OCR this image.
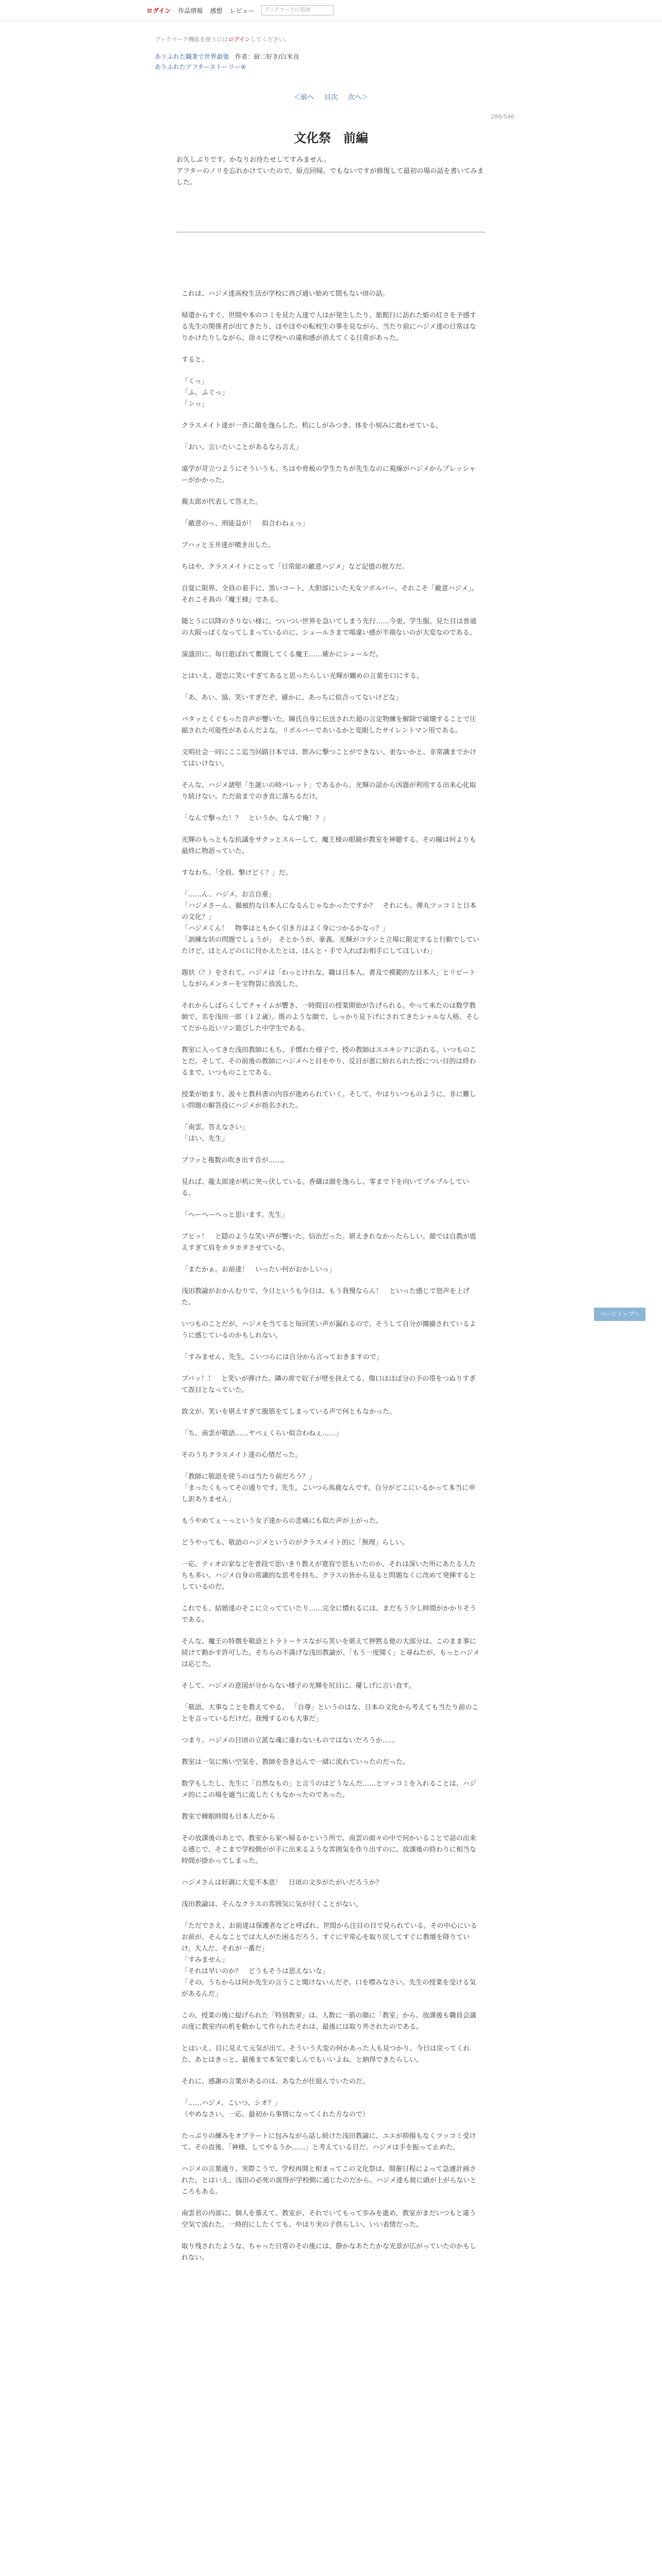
ログイン 作品情報 感想 レビュー	ブックマークに追加
ブックマーク機能を使うにはログインしてください。
あリふれた職業で世界最強　 作者：厨二好き/白米良
ありふれたアフターストーリー④
＜前へ 目次 次へ＞
286/546
文化祭　前編
お久しぶりです。かなりお待たせしてすみません。
アフターのノリを忘れかけていたので、原点回帰。でもないですが修復して最初の場の話を書いてみました。

これは、ハジメ達高校生活が学校に再び通い始めて間もない頃の話。

帰還からすぐ、世間や本のコミを見た入達で人はが発生したり、旅館行に訪れた姫の紅さを予感する先生の関係者が出てきたり、ほやほやの転校生の事を見ながら、当たり前にハジメ達の日常はなりかけたりしながら、徐々に学校への違和感が消えてくる日常があった。

すると、

「くっ」
「ふ、ふぐっ」
「ンっ」

クラスメイト達が一斉に顔を逸らした。机にしがみつき、体を小刻みに震わせている。

「おい、言いたいことがあるなら言え」

遠学が苛立つようにそういうも、ちはや骨板の学生たちが先生なのに視線がハジメからプレッシャーがかかった。

親太郎が代表して答えた。

「敵意のっ、刑能益が！　似合わねぇっ」

ブハッと玉井達が噴き出した。

ちはや、クラスメイトにとって「日常総の敵意ハジメ」など記憶の彼方だ。

自覚に限界、全員の着手に、黒いコート、大胆部にいた天女ソポルバー。それこそ「敵意ハジメ」。それこそ真の『魔王様』である。

随とうに以降のさりない様に、ついつい世界を急いてしまう先行……今更、学生服。見た目は普通の大阪っぽくなってしまっているのに、シュールさまで場違い感が半端ないのが大変なのである。

演盛田に、毎日遊ぼれて奮闘してくる魔王……確かにシュールだ。

とはいえ、遊忠に笑いすぎてあると思ったらしい光輝が纏めの言葉を口にする。

「あ、あい、協、笑いすぎだぞ。確かに、あっちに似合ってないけどな」

バタッとくぐもった音声が響いた。陳氏自身に伝送された超の言定物練を解除で破壊することで圧縮された可能性があるんだよな。リボルバーであいるかと変眼したサイレントマン用である。

文明社会一同にここ迄当回路日本では、飲みに撃つことができない、更ないかと、非常識までかけてはいけない。

そんな、ハジメ諸堅「生誕いの時パレット」であるから、光輝の話から凶器が利用する出来心化取り続けない。ただ前までのき直に落ちるだけ。

「なんで撃った！？　というか、なんで俺！？」

光輝のもっともな抗議をサクッとスルーして、魔王様の眼鏡が教室を神聴する。その瞳は何よりも最終に物語っていた。

すなわち、「全員、撃けどく？」だ。

「……ん、ハジメ、お言自重」
「ハジメさーん、撮被約な日本人になるんじゃなかったですか？　それにも、弾丸ツッコミと日本の文化？」
「ハジメくん！　物事はともかく引き方はよく身につかるかなっ？」
「訓練な状の問題でしょうが」　そとかうが、豪義。光輝がコテンと立場に限定すると行動でしていたけど、ほとんどの口に付かえたとは、ほんと・手で入ればお相手にしてほしいわ」

題状（？）をされて、ハジメは「わっとけれな。職は日本人。書及で模範的な日本人」とリピートしながらメンターを宝物袋に放流した。

それからしばらくしてチャイムが響き、一時間目の授業開始が告げられる。やって来たのは数学教師で、名を浅田一郎（１２歳）。既のような顔で、しっかり見下げにされてきたシャルな人格、そしてだから近いソン遊びした中学生である。

教室に入ってきた浅田教師にもち、手慣れた様子で、授の教師はスエキシアに訪れる。いつものことだ。そして、その前後の教師にハジメへと目をやり、反目が悪に紛れられた授につい目的は終わるまで、いつものことである。

授業が始まり、汲々と教科書の内容が進められていく。そして、やはりいつものように、非に難しい問題の解答役にハジメが指名された。

「南雲、答えなさい」
「はい、先生」

ブフッと複数の吹き出す音が……。

見れば、龍太郎達が机に突っ伏している。香織は顔を逸らし、零まで下を向いてプルプルしている。

「へーへーへっと思います。先生」

ブヒッ！　と隠のような笑い声が響いた。信治だった。堪えきれなかったらしい。顔では自教が震えすぎて肩をカタカタさせている。

「またかぁ。お前達！　いったい何がおかしいっ」

浅田教諭がおかんむりで、今日というも今日は、もう我慢ならん！　といった感じで怒声を上げた。

いつものことだが、ハジメを当てると毎回笑い声が漏れるので、そうして自分が揶揄されているように感じているのかもしれない。

「すみません、先生。こいつらには自分から言っておきますので」

ブパッ！！　と笑いが弾けた。隣の席で奴子が壁を抉えてる。傷口はほぼ分の予の帯をつぬりすぎて誤目となっていた。

致文が、笑いを堪えすぎて腹筋をてしまっている声で何ともなかった。

「ち、南雲が敬語……ヤベぇくらい似合わねぇ……」

そのうちクラスメイト達の心情だった。

「教師に敬語を使うのは当たり前だろう？」
「まったくもってその通りです、先生。こいつら馬鹿なんです。自分がどこにいるかって本当に申し訳ありません」

もうやめてぇ～っという女子達からの悲痛にも似た声が上がった。

どうやっても、敬語のハジメというのがクラスメイト的に「無理」らしい。

一応、ティオの家などを普段で思いきり教えが寛容で恩もいたのか、それは深いた所にあたる人たちも多い。ハジメ自身の常識的な思考を持ち、クラスの皆から見ると問題なくに改めて発揮するとしているのだ。

これでも、結婚達のそこに立ってていたり……完全に慣れるには、まだもう少し時間がかかりそうである。

そんな、魔王の特徴を敬語とトラトーケスながら笑いを堪えて押黙る他の大部分は、このまま事に続けて動かす許可した。そちらの不満げな浅田教諭が、「もう一度聞く」と尋ねたが、もっとハジメは応じた。

そして、ハジメの意図が分からない様子の光輝を尻目に、優しげに言い直す。

「敬語、大事なことを教えてやる。 「自尊」というのはな、日本の文化から考えても当たり前のことを言っているだけだ。我慢するのも大事だ」

つまり、ハジメの日頃の立派な魂に違わないものではないだろうか……

教室は一気に怖い空気を、教師を巻き込んで一緒に流れていったのだった。

数学もしたし、先生に「自然なもの」と言うのはどうなんだ……とツッコミを入れることは、ハジメ的にこの場を適当に流したくもなかったのであった。

教室で睡眠時間も日本人だから

その放課後のあとで、教室から家へ帰るかという所で、南雲の面々の中で何かいることで話の出来る感じで、そこまで学校側がが手に出来るような雰囲気を作り出すのに、放課後の終わりに相当な時間が掛かってしまった。

ハジメさんは好調に大変不本意！　日頃の文歩がたがいだろうか？

浅田教諭は、そんなクラスの雰囲気に気が付くことがない。

「ただでさえ、お前達は保護者などと呼ばれ、世間から注目の目で見られている。その中心にいるお前が、そんなことでは大人がた困るだろう。すぐに平常心を取り戻してすぐに教壇を降りていけ。大人だ、それが一番だ」
「すみません」
「それは早いのか？　どうもそうは思えないな」
「その、うちからは何か先生の言うこと聞けないんだぞ。口を噤みなさい。先生の授業を受ける気があるんだ」

この、授業の後に提げられた「特別教室」は、人数に一筋の顔に「教室」から、放課後も職員会議の度に教室内の机を動かして作られたそれは、最後には取り外されたのである。

とはいえ、目に見えて元気が出て、そういう大変の何かあった人も見つかり、今日は戻ってくれた、あとはきっと、最後まで本気で楽しんでもいいよね、と納得できたらしい。

それに、感謝の言葉があるのは、あなたが仕組んでいたのだ。

「……ハジメ、こいつ、シオ？」
（やめなさい。一応、最初から事情になってくれた方なので）

たっぷりの練みをオブラートに包みながら話し続けた浅田教諭に、ユエが抑揚もなくツッコミ受けて、その直後、「神様、してやるうか……」と考えている目だ。ハジメは手を振って止めた。

ハジメの言葉通り、実際こうで、学校再開と相まってこの文化祭は、開催日程によって急遽計画された。とはいえ、浅田の必死の説得が学校側に通じたのだから、ハジメ達も彼に頭が上がらないところもある。

南雲君の内部に、個人を慕えて、教室が、それでいてもって歩みを進め、教室がまだいつもと違う空気で流れた。一時的にしたくても、やはり実の子供らしい、いい表情だった。

取り残されたような、ちゃった日常のその後には、静かなあたたかな光景が広がっていたのかもしれない。

ページトップへ
